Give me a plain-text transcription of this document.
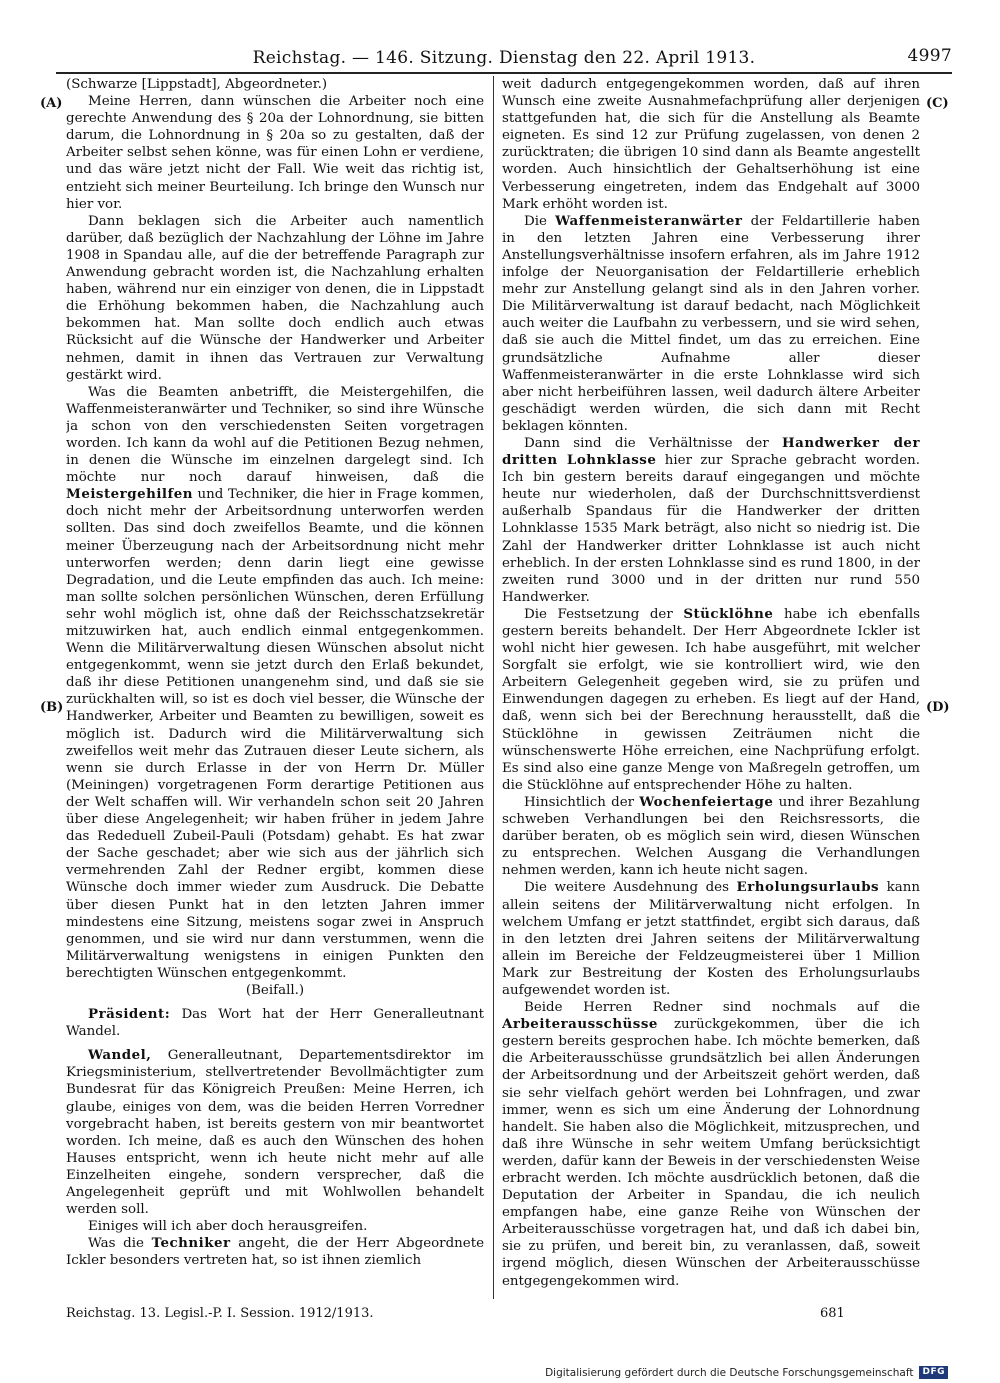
Reichstag. — 146. Sitzung. Dienstag den 22. April 1913.	4997
(A)
(B)
(C)
(D)

(Schwarze [Lippstadt], Abgeordneter.)

Meine Herren, dann wünschen die Arbeiter noch eine gerechte Anwendung des § 20a der Lohnordnung, sie bitten darum, die Lohnordnung in § 20a so zu gestalten, daß der Arbeiter selbst sehen könne, was für einen Lohn er verdiene, und das wäre jetzt nicht der Fall. Wie weit das richtig ist, entzieht sich meiner Beurteilung. Ich bringe den Wunsch nur hier vor.

Dann beklagen sich die Arbeiter auch namentlich darüber, daß bezüglich der Nachzahlung der Löhne im Jahre 1908 in Spandau alle, auf die der betreffende Paragraph zur Anwendung gebracht worden ist, die Nachzahlung erhalten haben, während nur ein einziger von denen, die in Lippstadt die Erhöhung bekommen haben, die Nachzahlung auch bekommen hat. Man sollte doch endlich auch etwas Rücksicht auf die Wünsche der Handwerker und Arbeiter nehmen, damit in ihnen das Vertrauen zur Verwaltung gestärkt wird.

Was die Beamten anbetrifft, die Meistergehilfen, die Waffenmeisteranwärter und Techniker, so sind ihre Wünsche ja schon von den verschiedensten Seiten vorgetragen worden. Ich kann da wohl auf die Petitionen Bezug nehmen, in denen die Wünsche im einzelnen dargelegt sind. Ich möchte nur noch darauf hinweisen, daß die Meistergehilfen und Techniker, die hier in Frage kommen, doch nicht mehr der Arbeitsordnung unterworfen werden sollten. Das sind doch zweifellos Beamte, und die können meiner Überzeugung nach der Arbeitsordnung nicht mehr unterworfen werden; denn darin liegt eine gewisse Degradation, und die Leute empfinden das auch. Ich meine: man sollte solchen persönlichen Wünschen, deren Erfüllung sehr wohl möglich ist, ohne daß der Reichsschatzsekretär mitzuwirken hat, auch endlich einmal entgegenkommen. Wenn die Militärverwaltung diesen Wünschen absolut nicht entgegenkommt, wenn sie jetzt durch den Erlaß bekundet, daß ihr diese Petitionen unangenehm sind, und daß sie sie zurückhalten will, so ist es doch viel besser, die Wünsche der Handwerker, Arbeiter und Beamten zu bewilligen, soweit es möglich ist. Dadurch wird die Militärverwaltung sich zweifellos weit mehr das Zutrauen dieser Leute sichern, als wenn sie durch Erlasse in der von Herrn Dr. Müller (Meiningen) vorgetragenen Form derartige Petitionen aus der Welt schaffen will. Wir verhandeln schon seit 20 Jahren über diese Angelegenheit; wir haben früher in jedem Jahre das Rededuell Zubeil-Pauli (Potsdam) gehabt. Es hat zwar der Sache geschadet; aber wie sich aus der jährlich sich vermehrenden Zahl der Redner ergibt, kommen diese Wünsche doch immer wieder zum Ausdruck. Die Debatte über diesen Punkt hat in den letzten Jahren immer mindestens eine Sitzung, meistens sogar zwei in Anspruch genommen, und sie wird nur dann verstummen, wenn die Militärverwaltung wenigstens in einigen Punkten den berechtigten Wünschen entgegenkommt.

(Beifall.)

Präsident: Das Wort hat der Herr Generalleutnant Wandel.

Wandel, Generalleutnant, Departementsdirektor im Kriegsministerium, stellvertretender Bevollmächtigter zum Bundesrat für das Königreich Preußen: Meine Herren, ich glaube, einiges von dem, was die beiden Herren Vorredner vorgebracht haben, ist bereits gestern von mir beantwortet worden. Ich meine, daß es auch den Wünschen des hohen Hauses entspricht, wenn ich heute nicht mehr auf alle Einzelheiten eingehe, sondern versprecher, daß die Angelegenheit geprüft und mit Wohlwollen behandelt werden soll.

Einiges will ich aber doch herausgreifen.

Was die Techniker angeht, die der Herr Abgeordnete Ickler besonders vertreten hat, so ist ihnen ziemlich

weit dadurch entgegengekommen worden, daß auf ihren Wunsch eine zweite Ausnahmefachprüfung aller derjenigen stattgefunden hat, die sich für die Anstellung als Beamte eigneten. Es sind 12 zur Prüfung zugelassen, von denen 2 zurücktraten; die übrigen 10 sind dann als Beamte angestellt worden. Auch hinsichtlich der Gehaltserhöhung ist eine Verbesserung eingetreten, indem das Endgehalt auf 3000 Mark erhöht worden ist.

Die Waffenmeisteranwärter der Feldartillerie haben in den letzten Jahren eine Verbesserung ihrer Anstellungsverhältnisse insofern erfahren, als im Jahre 1912 infolge der Neuorganisation der Feldartillerie erheblich mehr zur Anstellung gelangt sind als in den Jahren vorher. Die Militärverwaltung ist darauf bedacht, nach Möglichkeit auch weiter die Laufbahn zu verbessern, und sie wird sehen, daß sie auch die Mittel findet, um das zu erreichen. Eine grundsätzliche Aufnahme aller dieser Waffenmeisteranwärter in die erste Lohnklasse wird sich aber nicht herbeiführen lassen, weil dadurch ältere Arbeiter geschädigt werden würden, die sich dann mit Recht beklagen könnten.

Dann sind die Verhältnisse der Handwerker der dritten Lohnklasse hier zur Sprache gebracht worden. Ich bin gestern bereits darauf eingegangen und möchte heute nur wiederholen, daß der Durchschnittsverdienst außerhalb Spandaus für die Handwerker der dritten Lohnklasse 1535 Mark beträgt, also nicht so niedrig ist. Die Zahl der Handwerker dritter Lohnklasse ist auch nicht erheblich. In der ersten Lohnklasse sind es rund 1800, in der zweiten rund 3000 und in der dritten nur rund 550 Handwerker.

Die Festsetzung der Stücklöhne habe ich ebenfalls gestern bereits behandelt. Der Herr Abgeordnete Ickler ist wohl nicht hier gewesen. Ich habe ausgeführt, mit welcher Sorgfalt sie erfolgt, wie sie kontrolliert wird, wie den Arbeitern Gelegenheit gegeben wird, sie zu prüfen und Einwendungen dagegen zu erheben. Es liegt auf der Hand, daß, wenn sich bei der Berechnung herausstellt, daß die Stücklöhne in gewissen Zeiträumen nicht die wünschenswerte Höhe erreichen, eine Nachprüfung erfolgt. Es sind also eine ganze Menge von Maßregeln getroffen, um die Stücklöhne auf entsprechender Höhe zu halten.

Hinsichtlich der Wochenfeiertage und ihrer Bezahlung schweben Verhandlungen bei den Reichsressorts, die darüber beraten, ob es möglich sein wird, diesen Wünschen zu entsprechen. Welchen Ausgang die Verhandlungen nehmen werden, kann ich heute nicht sagen.

Die weitere Ausdehnung des Erholungsurlaubs kann allein seitens der Militärverwaltung nicht erfolgen. In welchem Umfang er jetzt stattfindet, ergibt sich daraus, daß in den letzten drei Jahren seitens der Militärverwaltung allein im Bereiche der Feldzeugmeisterei über 1 Million Mark zur Bestreitung der Kosten des Erholungsurlaubs aufgewendet worden ist.

Beide Herren Redner sind nochmals auf die Arbeiterausschüsse zurückgekommen, über die ich gestern bereits gesprochen habe. Ich möchte bemerken, daß die Arbeiterausschüsse grundsätzlich bei allen Änderungen der Arbeitsordnung und der Arbeitszeit gehört werden, daß sie sehr vielfach gehört werden bei Lohnfragen, und zwar immer, wenn es sich um eine Änderung der Lohnordnung handelt. Sie haben also die Möglichkeit, mitzusprechen, und daß ihre Wünsche in sehr weitem Umfang berücksichtigt werden, dafür kann der Beweis in der verschiedensten Weise erbracht werden. Ich möchte ausdrücklich betonen, daß die Deputation der Arbeiter in Spandau, die ich neulich empfangen habe, eine ganze Reihe von Wünschen der Arbeiterausschüsse vorgetragen hat, und daß ich dabei bin, sie zu prüfen, und bereit bin, zu veranlassen, daß, soweit irgend möglich, diesen Wünschen der Arbeiterausschüsse entgegengekommen wird.

Reichstag. 13. Legisl.-P. I. Session. 1912/1913.	681
Digitalisierung gefördert durch die Deutsche Forschungsgemeinschaft	DFG
